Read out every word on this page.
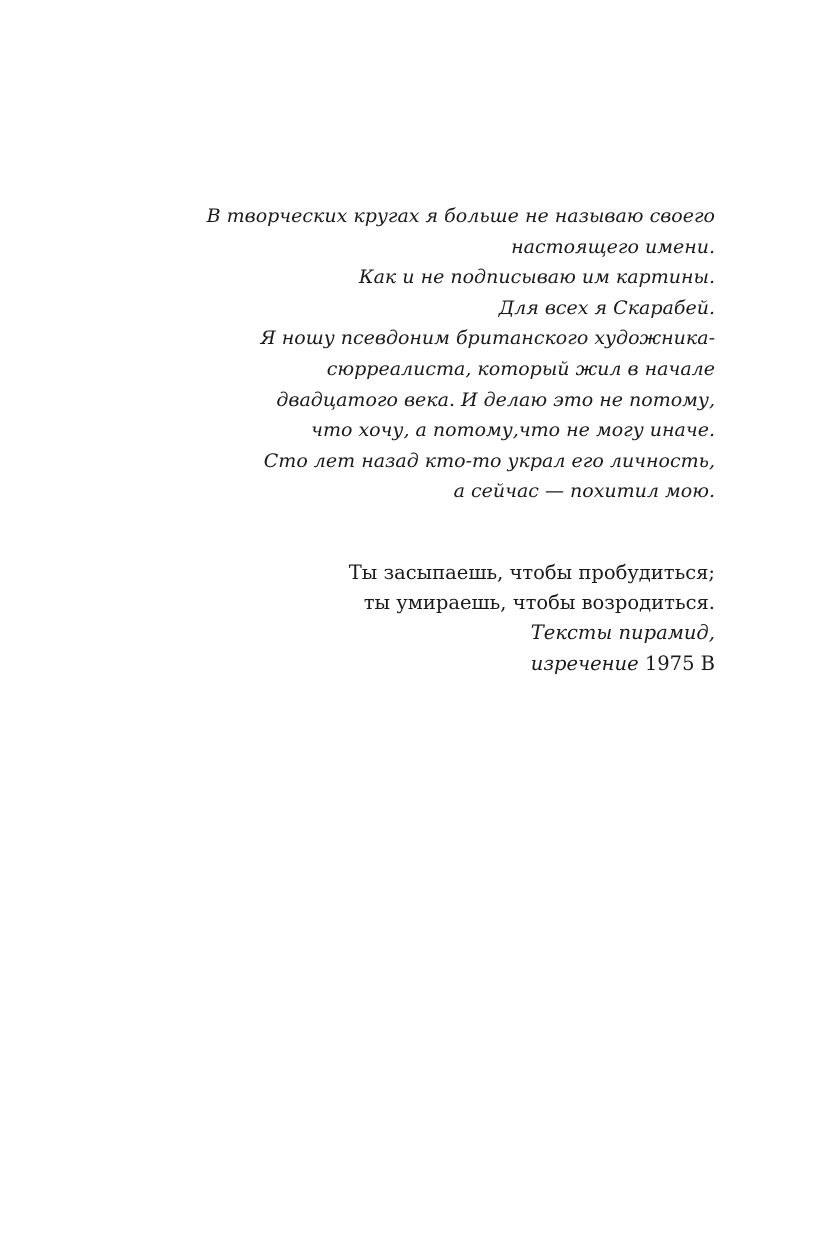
В творческих кругах я больше не называю своего
настоящего имени.
Как и не подписываю им картины.
Для всех я Скарабей.
Я ношу псевдоним британского художника-
сюрреалиста, который жил в начале
двадцатого века. И делаю это не потому,
что хочу, а потому,что не могу иначе.
Сто лет назад кто-то украл его личность,
а сейчас — похитил мою.
Ты засыпаешь, чтобы пробудиться;
ты умираешь, чтобы возродиться.
Тексты пирамид,
изречение 1975 B
